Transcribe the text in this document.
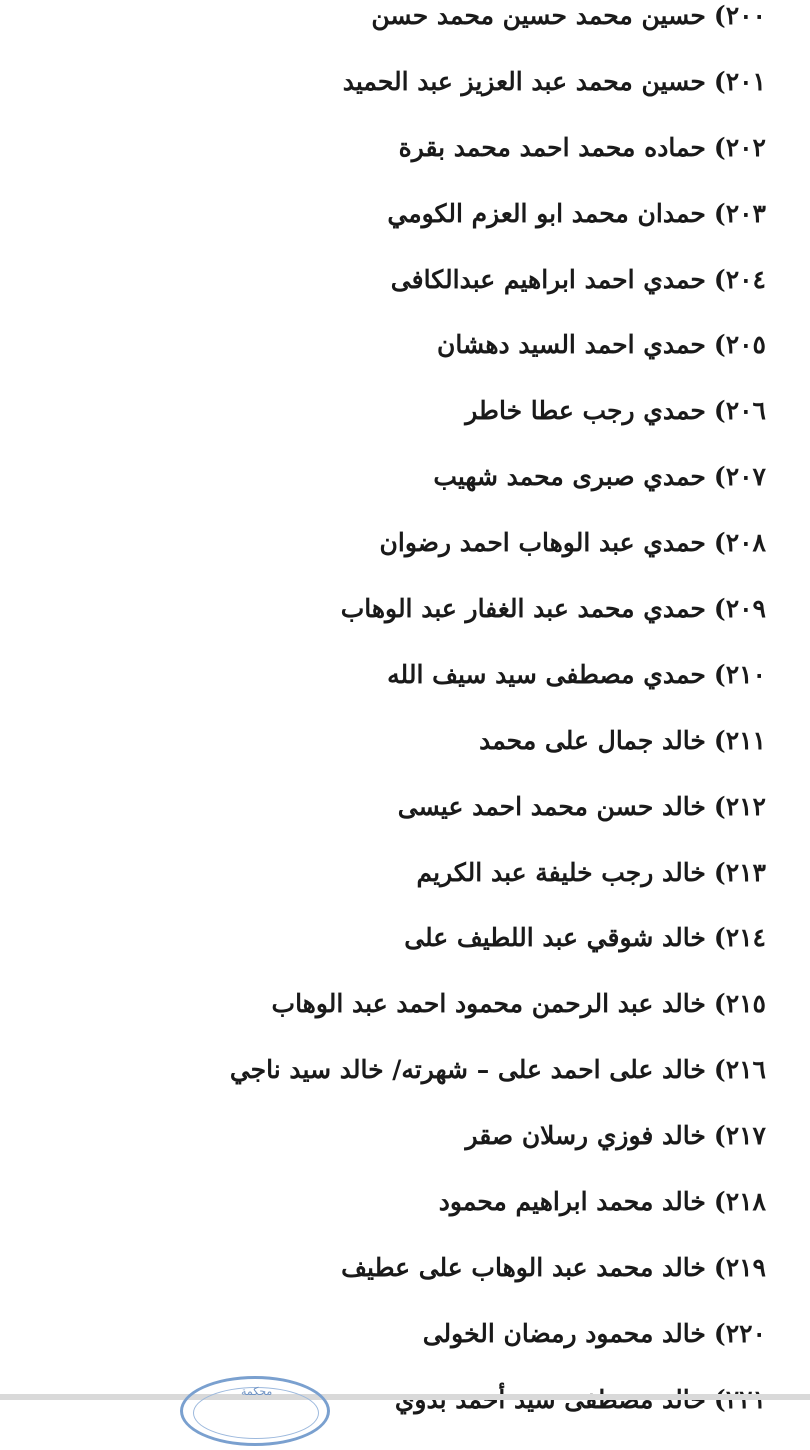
٢٠٠)
حسين محمد حسين محمد حسن
٢٠١)
حسين محمد عبد العزيز عبد الحميد
٢٠٢)
حماده محمد احمد محمد بقرة
٢٠٣)
حمدان محمد ابو العزم الكومي
٢٠٤)
حمدي احمد ابراهيم عبدالكافى
٢٠٥)
حمدي احمد السيد دهشان
٢٠٦)
حمدي رجب عطا خاطر
٢٠٧)
حمدي صبرى محمد شهيب
٢٠٨)
حمدي عبد الوهاب احمد رضوان
٢٠٩)
حمدي محمد عبد الغفار عبد الوهاب
٢١٠)
حمدي مصطفى سيد سيف الله
٢١١)
خالد جمال على محمد
٢١٢)
خالد حسن محمد احمد عيسى
٢١٣)
خالد رجب خليفة عبد الكريم
٢١٤)
خالد شوقي عبد اللطيف على
٢١٥)
خالد عبد الرحمن محمود احمد عبد الوهاب
٢١٦)
خالد على احمد على – شهرته/ خالد سيد ناجي
٢١٧)
خالد فوزي رسلان صقر
٢١٨)
خالد محمد ابراهيم محمود
٢١٩)
خالد محمد عبد الوهاب على عطيف
٢٢٠)
خالد محمود رمضان الخولى
محكمة
